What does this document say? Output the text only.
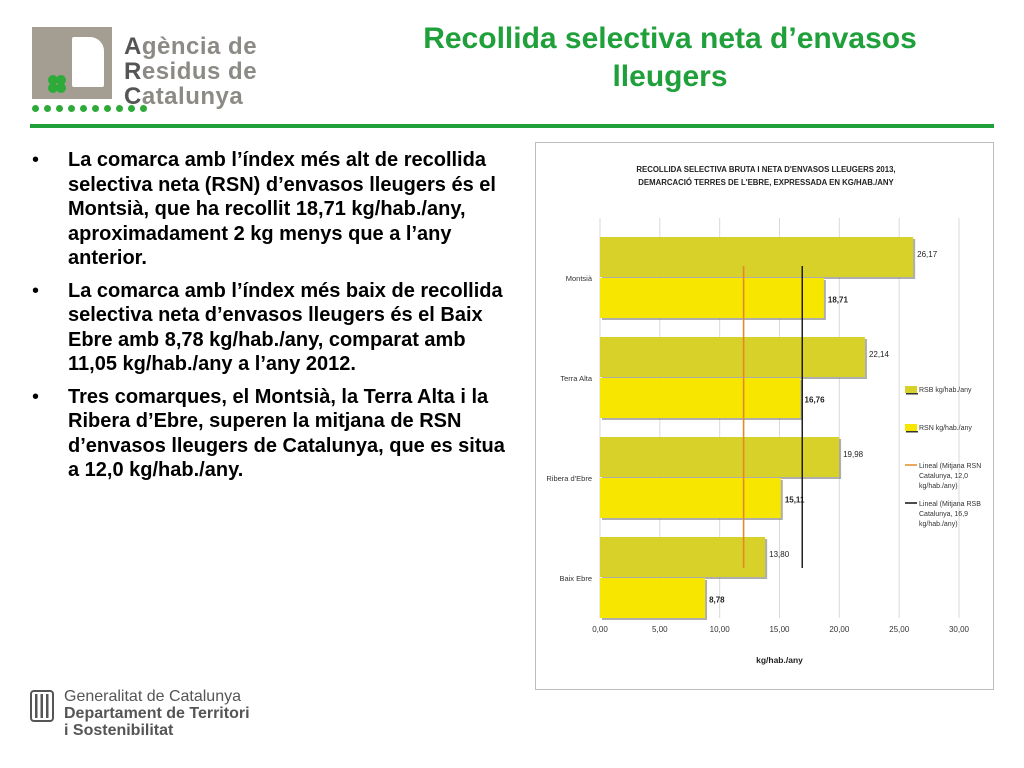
Agència de
Residus de
Catalunya
Recollida selectiva neta d’envasos
lleugers
•	La comarca amb l’índex més alt de recollida selectiva neta (RSN) d’envasos lleugers és el Montsià, que ha recollit 18,71 kg/hab./any, aproximadament 2 kg menys que a l’any anterior.
•	La comarca amb l’índex més baix de recollida selectiva neta d’envasos lleugers és el Baix Ebre amb 8,78 kg/hab./any, comparat amb 11,05 kg/hab./any a l’any 2012.
•	Tres comarques, el Montsià, la Terra Alta i la Ribera d’Ebre, superen la mitjana de RSN d’envasos lleugers de Catalunya, que es situa a 12,0 kg/hab./any.
RECOLLIDA SELECTIVA BRUTA I NETA D'ENVASOS LLEUGERS 2013,
DEMARCACIÓ TERRES DE L'EBRE, EXPRESSADA EN KG/HAB./ANY
0,00	5,00	10,00	15,00	20,00	25,00	30,00
kg/hab./any
Montsià
26,17
18,71
Terra Alta
22,14
16,76
Ribera d'Ebre
19,98
15,11
Baix Ebre
13,80
8,78
RSB kg/hab./any
RSN kg/hab./any
Lineal (Mitjana RSN
Catalunya, 12,0
kg/hab./any)
Lineal (Mitjana RSB
Catalunya, 16,9
kg/hab./any)
Generalitat de Catalunya
Departament de Territori
i Sostenibilitat
